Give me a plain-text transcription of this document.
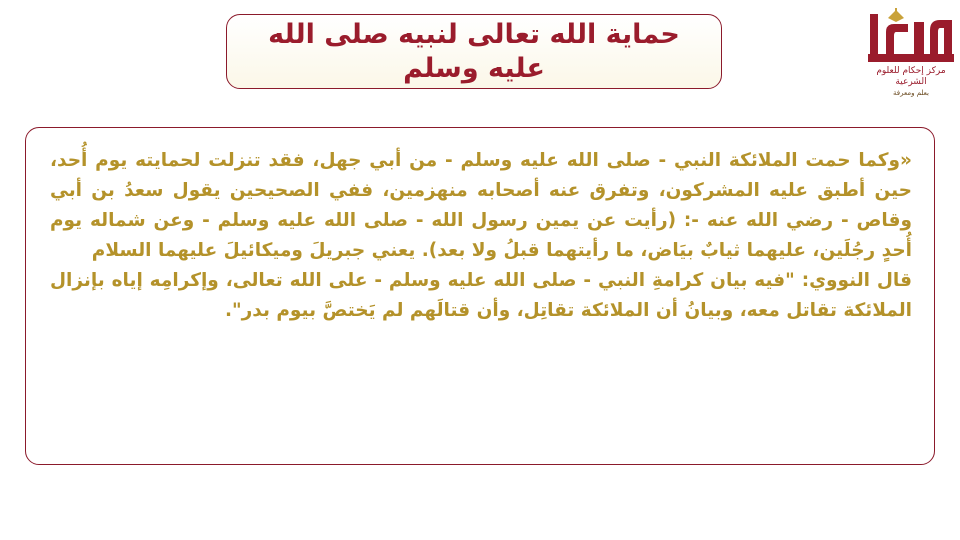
حماية الله تعالى لنبيه صلى الله عليه وسلم	مركز إحكام للعلوم الشرعية
بعلم ومعرفة

«وكما حمت الملائكة النبي - صلى الله عليه وسلم - من أبي جهل، فقد تنزلت لحمايته يوم أُحد، حين أطبق عليه المشركون، وتفرق عنه أصحابه منهزمين، ففي الصحيحين يقول سعدُ بن أبي وقاص - رضي الله عنه -: (رأيت عن يمين رسول الله - صلى الله عليه وسلم - وعن شماله يوم أُحدٍ رجُلَين، عليهما ثيابٌ بيَاض، ما رأيتهما قبلُ ولا بعد). يعني جبريلَ وميكائيلَ عليهما السلام

قال النووي: "فيه بيان كرامةِ النبي - صلى الله عليه وسلم - على الله تعالى، وإكرامِه إياه بإنزال الملائكة تقاتل معه، وبيانُ أن الملائكة تقاتِل، وأن قتالَهم لم يَختصَّ بيوم بدر".
